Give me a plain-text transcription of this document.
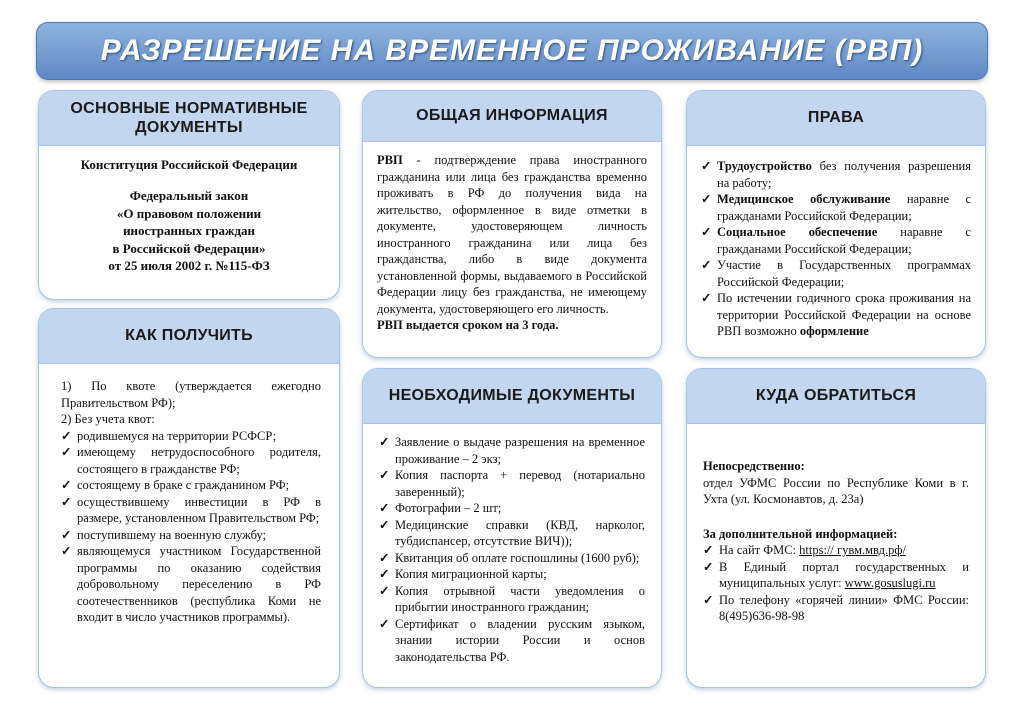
РАЗРЕШЕНИЕ НА ВРЕМЕННОЕ ПРОЖИВАНИЕ (РВП)
ОСНОВНЫЕ НОРМАТИВНЫЕ ДОКУМЕНТЫ

Конституция Российской Федерации

Федеральный закон
«О правовом положении
иностранных граждан
в Российской Федерации»
от 25 июля 2002 г. №115-ФЗ

ОБЩАЯ ИНФОРМАЦИЯ

РВП - подтверждение права иностранного гражданина или лица без гражданства временно проживать в РФ до получения вида на жительство, оформленное в виде отметки в документе, удостоверяющем личность иностранного гражданина или лица без гражданства, либо в виде документа установленной формы, выдаваемого в Российской Федерации лицу без гражданства, не имеющему документа, удостоверяющего его личность.

РВП выдается сроком на 3 года.

ПРАВА
✓ Трудоустройство без получения разрешения на работу;
✓ Медицинское обслуживание наравне с гражданами Российской Федерации;
✓ Социальное обеспечение наравне с гражданами Российской Федерации;
✓ Участие в Государственных программах Российской Федерации;
✓ По истечении годичного срока проживания на территории Российской Федерации на основе РВП возможно оформление
КАК ПОЛУЧИТЬ

1) По квоте (утверждается ежегодно Правительством РФ);

2) Без учета квот:

✓ родившемуся на территории РСФСР;
✓ имеющему нетрудоспособного родителя, состоящего в гражданстве РФ;
✓ состоящему в браке с гражданином РФ;
✓ осуществившему инвестиции в РФ в размере, установленном Правительством РФ;
✓ поступившему на военную службу;
✓ являющемуся участником Государственной программы по оказанию содействия добровольному переселению в РФ соотечественников (республика Коми не входит в число участников программы).
НЕОБХОДИМЫЕ ДОКУМЕНТЫ
✓ Заявление о выдаче разрешения на временное проживание – 2 экз;
✓ Копия паспорта + перевод (нотариально заверенный);
✓ Фотографии – 2 шт;
✓ Медицинские справки (КВД, нарколог, тубдиспансер, отсутствие ВИЧ));
✓ Квитанция об оплате госпошлины (1600 руб);
✓ Копия миграционной карты;
✓ Копия отрывной части уведомления о прибытии иностранного гражданин;
✓ Сертификат о владении русским языком, знании истории России и основ законодательства РФ.
КУДА ОБРАТИТЬСЯ

Непосредственно:

отдел УФМС России по Республике Коми в г. Ухта (ул. Космонавтов, д. 23а)

За дополнительной информацией:

✓ На сайт ФМС: https:// гувм.мвд.рф/
✓ В Единый портал государственных и муниципальных услуг: www.gosuslugi.ru
✓ По телефону «горячей линии» ФМС России: 8(495)636-98-98
